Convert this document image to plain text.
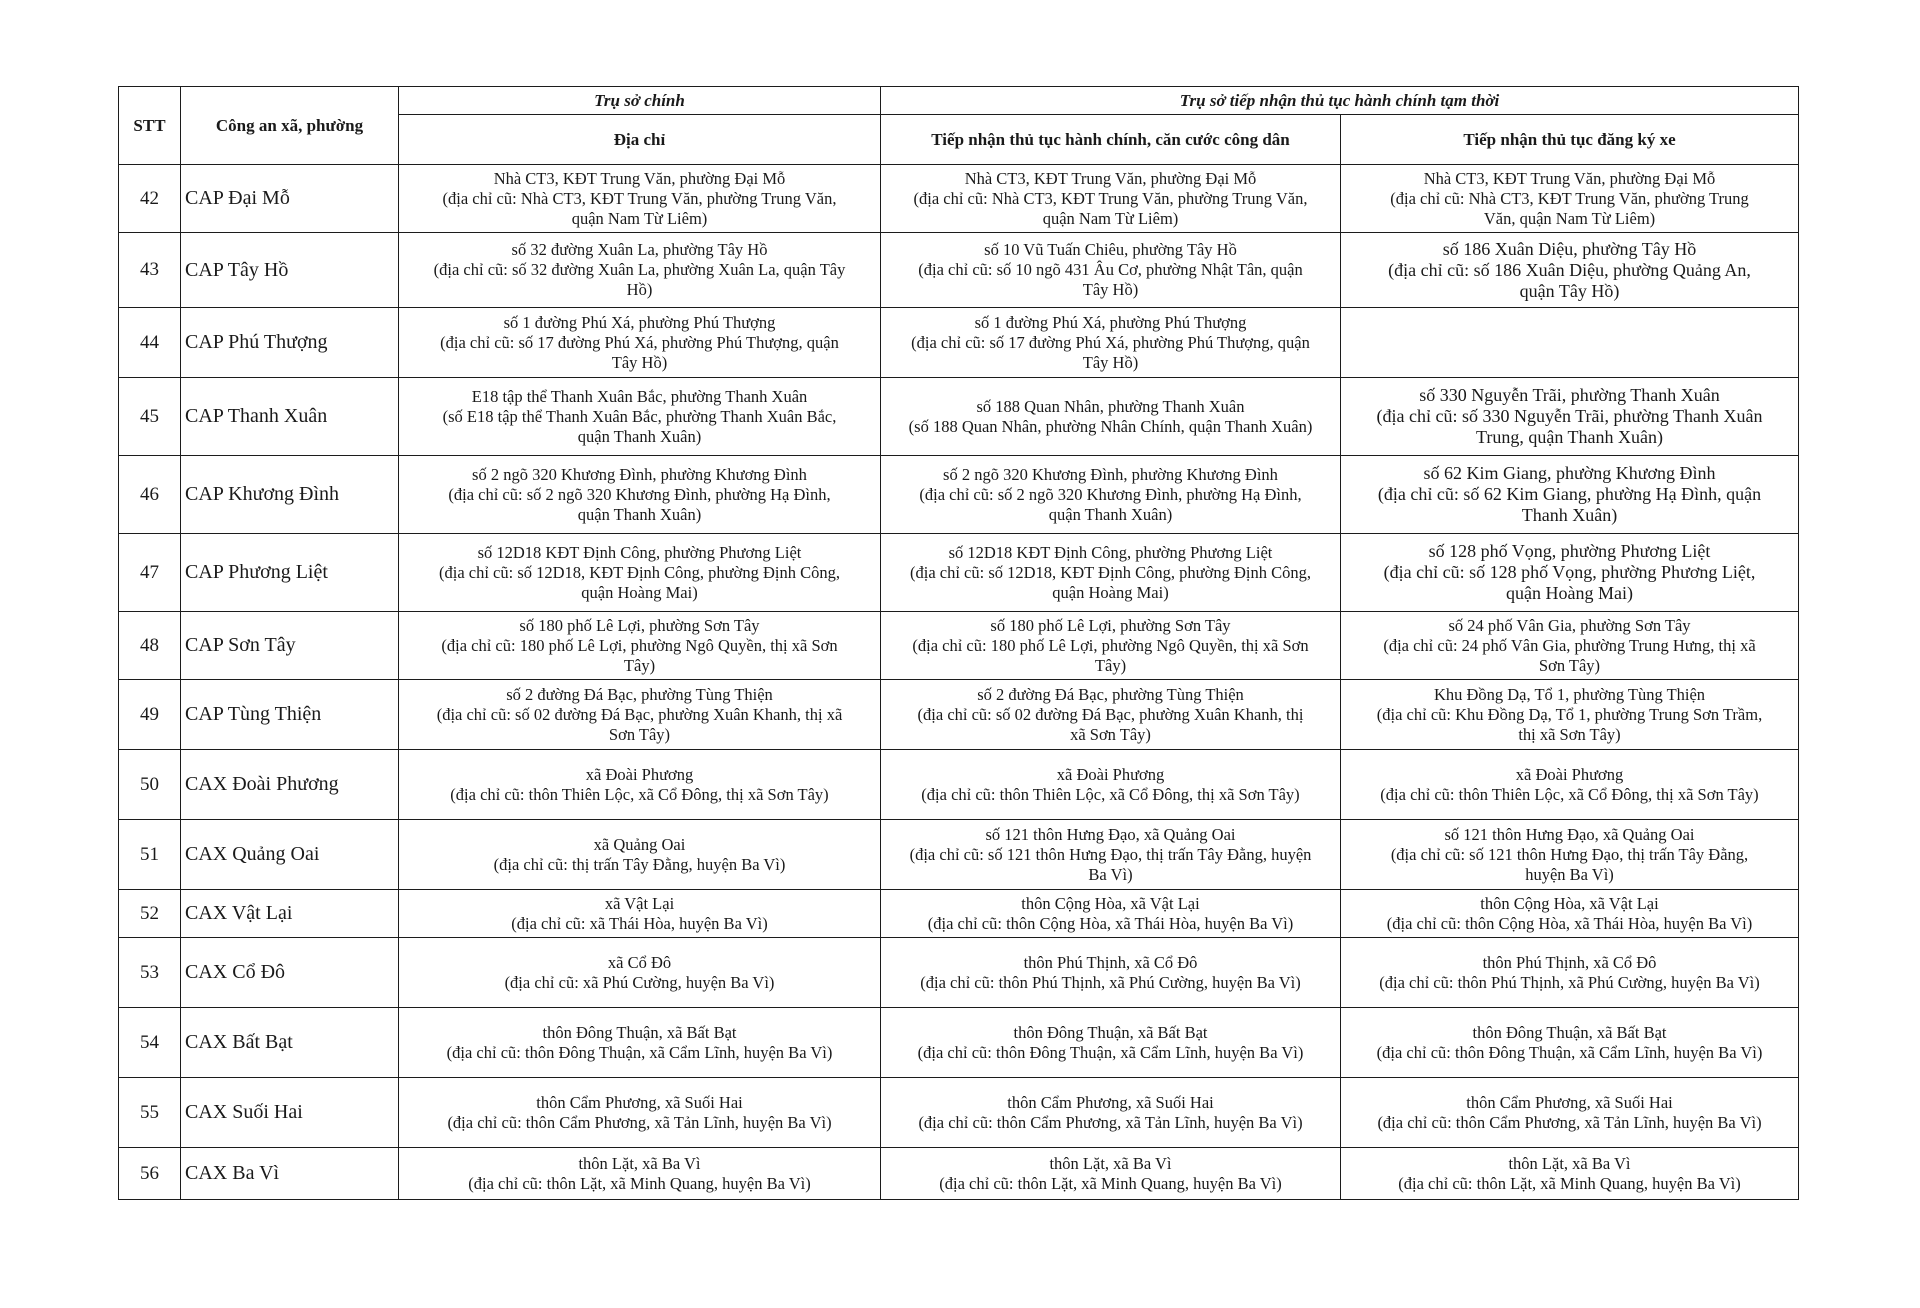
STT	Công an xã, phường	Trụ sở chính	Trụ sở tiếp nhận thủ tục hành chính tạm thời	
		Địa chỉ	Tiếp nhận thủ tục hành chính, căn cước công dân	Tiếp nhận thủ tục đăng ký xe
42	CAP Đại Mỗ	Nhà CT3, KĐT Trung Văn, phường Đại Mỗ
(địa chỉ cũ: Nhà CT3, KĐT Trung Văn, phường Trung Văn,
quận Nam Từ Liêm)	Nhà CT3, KĐT Trung Văn, phường Đại Mỗ
(địa chỉ cũ: Nhà CT3, KĐT Trung Văn, phường Trung Văn,
quận Nam Từ Liêm)	Nhà CT3, KĐT Trung Văn, phường Đại Mỗ
(địa chỉ cũ: Nhà CT3, KĐT Trung Văn, phường Trung
Văn, quận Nam Từ Liêm)

43	CAP Tây Hồ	số 32 đường Xuân La, phường Tây Hồ
(địa chỉ cũ: số 32 đường Xuân La, phường Xuân La, quận Tây
Hồ)	số 10 Vũ Tuấn Chiêu, phường Tây Hồ
(địa chỉ cũ: số 10 ngõ 431 Âu Cơ, phường Nhật Tân, quận
Tây Hồ)	số 186 Xuân Diệu, phường Tây Hồ
(địa chỉ cũ: số 186 Xuân Diệu, phường Quảng An,
quận Tây Hồ)

44	CAP Phú Thượng	số 1 đường Phú Xá, phường Phú Thượng
(địa chỉ cũ: số 17 đường Phú Xá, phường Phú Thượng, quận
Tây Hồ)	số 1 đường Phú Xá, phường Phú Thượng
(địa chỉ cũ: số 17 đường Phú Xá, phường Phú Thượng, quận
Tây Hồ)	

45	CAP Thanh Xuân	E18 tập thể Thanh Xuân Bắc, phường Thanh Xuân
(số E18 tập thể Thanh Xuân Bắc, phường Thanh Xuân Bắc,
quận Thanh Xuân)	số 188 Quan Nhân, phường Thanh Xuân
(số 188 Quan Nhân, phường Nhân Chính, quận Thanh Xuân)	số 330 Nguyễn Trãi, phường Thanh Xuân
(địa chỉ cũ: số 330 Nguyễn Trãi, phường Thanh Xuân
Trung, quận Thanh Xuân)

46	CAP Khương Đình	số 2 ngõ 320 Khương Đình, phường Khương Đình
(địa chỉ cũ: số 2 ngõ 320 Khương Đình, phường Hạ Đình,
quận Thanh Xuân)	số 2 ngõ 320 Khương Đình, phường Khương Đình
(địa chỉ cũ: số 2 ngõ 320 Khương Đình, phường Hạ Đình,
quận Thanh Xuân)	số 62 Kim Giang, phường Khương Đình
(địa chỉ cũ: số 62 Kim Giang, phường Hạ Đình, quận
Thanh Xuân)

47	CAP Phương Liệt	số 12D18 KĐT Định Công, phường Phương Liệt
(địa chỉ cũ: số 12D18, KĐT Định Công, phường Định Công,
quận Hoàng Mai)	số 12D18 KĐT Định Công, phường Phương Liệt
(địa chỉ cũ: số 12D18, KĐT Định Công, phường Định Công,
quận Hoàng Mai)	số 128 phố Vọng, phường Phương Liệt
(địa chỉ cũ: số 128 phố Vọng, phường Phương Liệt,
quận Hoàng Mai)

48	CAP Sơn Tây	số 180 phố Lê Lợi, phường Sơn Tây
(địa chỉ cũ: 180 phố Lê Lợi, phường Ngô Quyền, thị xã Sơn
Tây)	số 180 phố Lê Lợi, phường Sơn Tây
(địa chỉ cũ: 180 phố Lê Lợi, phường Ngô Quyền, thị xã Sơn
Tây)	số 24 phố Vân Gia, phường Sơn Tây
(địa chỉ cũ: 24 phố Vân Gia, phường Trung Hưng, thị xã
Sơn Tây)

49	CAP Tùng Thiện	số 2 đường Đá Bạc, phường Tùng Thiện
(địa chỉ cũ: số 02 đường Đá Bạc, phường Xuân Khanh, thị xã
Sơn Tây)	số 2 đường Đá Bạc, phường Tùng Thiện
(địa chỉ cũ: số 02 đường Đá Bạc, phường Xuân Khanh, thị
xã Sơn Tây)	Khu Đồng Dạ, Tổ 1, phường Tùng Thiện
(địa chỉ cũ: Khu Đồng Dạ, Tổ 1, phường Trung Sơn Trầm,
thị xã Sơn Tây)

50	CAX Đoài Phương	xã Đoài Phương
(địa chỉ cũ: thôn Thiên Lộc, xã Cổ Đông, thị xã Sơn Tây)	xã Đoài Phương
(địa chỉ cũ: thôn Thiên Lộc, xã Cổ Đông, thị xã Sơn Tây)	xã Đoài Phương
(địa chỉ cũ: thôn Thiên Lộc, xã Cổ Đông, thị xã Sơn Tây)

51	CAX Quảng Oai	xã Quảng Oai
(địa chỉ cũ: thị trấn Tây Đằng, huyện Ba Vì)	số 121 thôn Hưng Đạo, xã Quảng Oai
(địa chỉ cũ: số 121 thôn Hưng Đạo, thị trấn Tây Đằng, huyện
Ba Vì)	số 121 thôn Hưng Đạo, xã Quảng Oai
(địa chỉ cũ: số 121 thôn Hưng Đạo, thị trấn Tây Đằng,
huyện Ba Vì)

52	CAX Vật Lại	xã Vật Lại
(địa chỉ cũ: xã Thái Hòa, huyện Ba Vì)	thôn Cộng Hòa, xã Vật Lại
(địa chỉ cũ: thôn Cộng Hòa, xã Thái Hòa, huyện Ba Vì)	thôn Cộng Hòa, xã Vật Lại
(địa chỉ cũ: thôn Cộng Hòa, xã Thái Hòa, huyện Ba Vì)

53	CAX Cổ Đô	xã Cổ Đô
(địa chỉ cũ: xã Phú Cường, huyện Ba Vì)	thôn Phú Thịnh, xã Cổ Đô
(địa chỉ cũ: thôn Phú Thịnh, xã Phú Cường, huyện Ba Vì)	thôn Phú Thịnh, xã Cổ Đô
(địa chỉ cũ: thôn Phú Thịnh, xã Phú Cường, huyện Ba Vì)

54	CAX Bất Bạt	thôn Đông Thuận, xã Bất Bạt
(địa chỉ cũ: thôn Đông Thuận, xã Cẩm Lĩnh, huyện Ba Vì)	thôn Đông Thuận, xã Bất Bạt
(địa chỉ cũ: thôn Đông Thuận, xã Cẩm Lĩnh, huyện Ba Vì)	thôn Đông Thuận, xã Bất Bạt
(địa chỉ cũ: thôn Đông Thuận, xã Cẩm Lĩnh, huyện Ba Vì)

55	CAX Suối Hai	thôn Cẩm Phương, xã Suối Hai
(địa chỉ cũ: thôn Cẩm Phương, xã Tản Lĩnh, huyện Ba Vì)	thôn Cẩm Phương, xã Suối Hai
(địa chỉ cũ: thôn Cẩm Phương, xã Tản Lĩnh, huyện Ba Vì)	thôn Cẩm Phương, xã Suối Hai
(địa chỉ cũ: thôn Cẩm Phương, xã Tản Lĩnh, huyện Ba Vì)

56	CAX Ba Vì	thôn Lặt, xã Ba Vì
(địa chỉ cũ: thôn Lặt, xã Minh Quang, huyện Ba Vì)	thôn Lặt, xã Ba Vì
(địa chỉ cũ: thôn Lặt, xã Minh Quang, huyện Ba Vì)	thôn Lặt, xã Ba Vì
(địa chỉ cũ: thôn Lặt, xã Minh Quang, huyện Ba Vì)
